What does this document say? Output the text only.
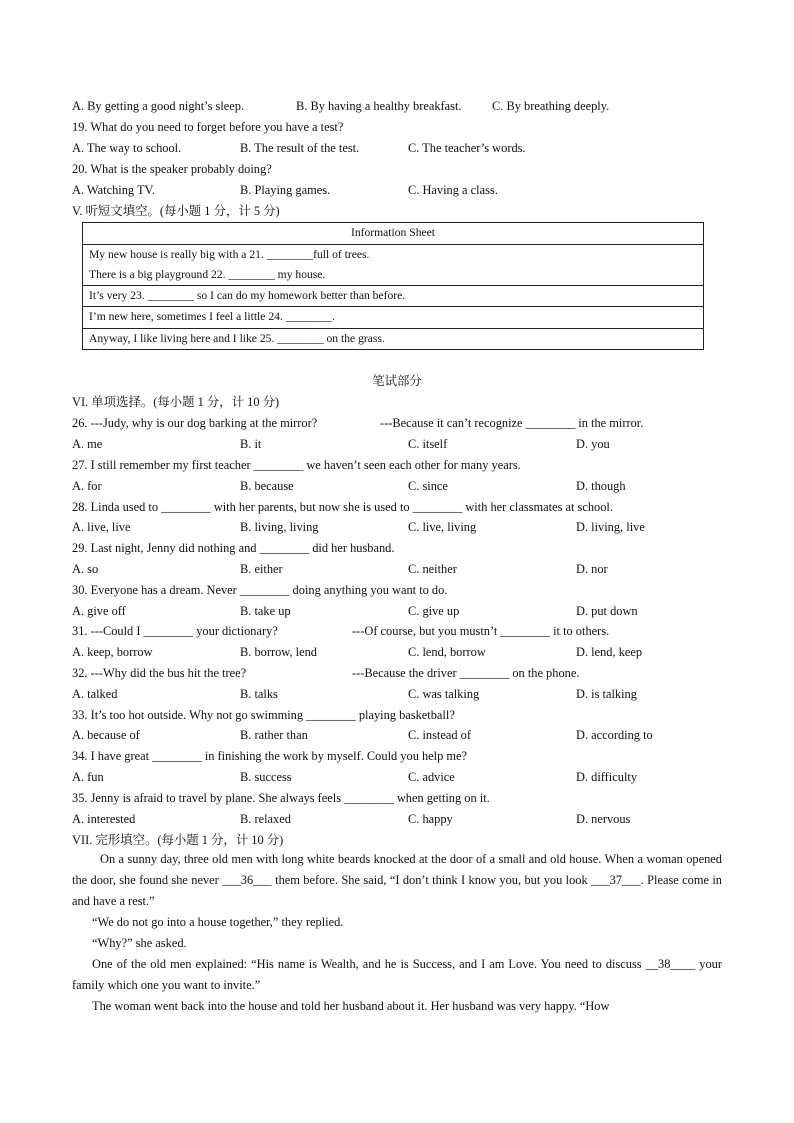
A. By getting a good night’s sleep.	B. By having a healthy breakfast. C. By breathing deeply.
19. What do you need to forget before you have a test?
A. The way to school.	B. The result of the test.	C. The teacher’s words.
20. What is the speaker probably doing?
A. Watching TV.	B. Playing games.	C. Having a class.
V. 听短文填空。(每小题 1 分，计 5 分)
Information Sheet

My new house is really big with a 21. ________full of trees.
There is a big playground 22. ________ my house.

It’s very 23. ________ so I can do my homework better than before.
I’m new here, sometimes I feel a little 24. ________.
Anyway, I like living here and I like 25. ________ on the grass.
笔试部分
VI. 单项选择。(每小题 1 分，计 10 分)
26. ---Judy, why is our dog barking at the mirror?	---Because it can’t recognize ________ in the mirror.
A. me	B. it	C. itself	D. you
27. I still remember my first teacher ________ we haven’t seen each other for many years.
A. for	B. because	C. since	D. though
28. Linda used to ________ with her parents, but now she is used to ________ with her classmates at school.
A. live, live	B. living, living	C. live, living	D. living, live
29. Last night, Jenny did nothing and ________ did her husband.
A. so	B. either	C. neither	D. nor
30. Everyone has a dream. Never ________ doing anything you want to do.
A. give off	B. take up	C. give up	D. put down
31. ---Could I ________ your dictionary?	---Of course, but you mustn’t ________ it to others.
A. keep, borrow	B. borrow, lend	C. lend, borrow	D. lend, keep
32. ---Why did the bus hit the tree?	---Because the driver ________ on the phone.
A. talked	B. talks	C. was talking	D. is talking
33. It’s too hot outside. Why not go swimming ________ playing basketball?
A. because of	B. rather than	C. instead of	D. according to
34. I have great ________ in finishing the work by myself. Could you help me?
A. fun	B. success	C. advice	D. difficulty
35. Jenny is afraid to travel by plane. She always feels ________ when getting on it.
A. interested	B. relaxed	C. happy	D. nervous
VII. 完形填空。(每小题 1 分，计 10 分)
On a sunny day, three old men with long white beards knocked at the door of a small and old house. When a woman opened the door, she found she never ___36___ them before. She said, “I don’t think I know you, but you look ___37___. Please come in and have a rest.”
“We do not go into a house together,” they replied.
“Why?” she asked.
One of the old men explained: “His name is Wealth, and he is Success, and I am Love. You need to discuss __38____ your family which one you want to invite.”
The woman went back into the house and told her husband about it. Her husband was very happy. “How
